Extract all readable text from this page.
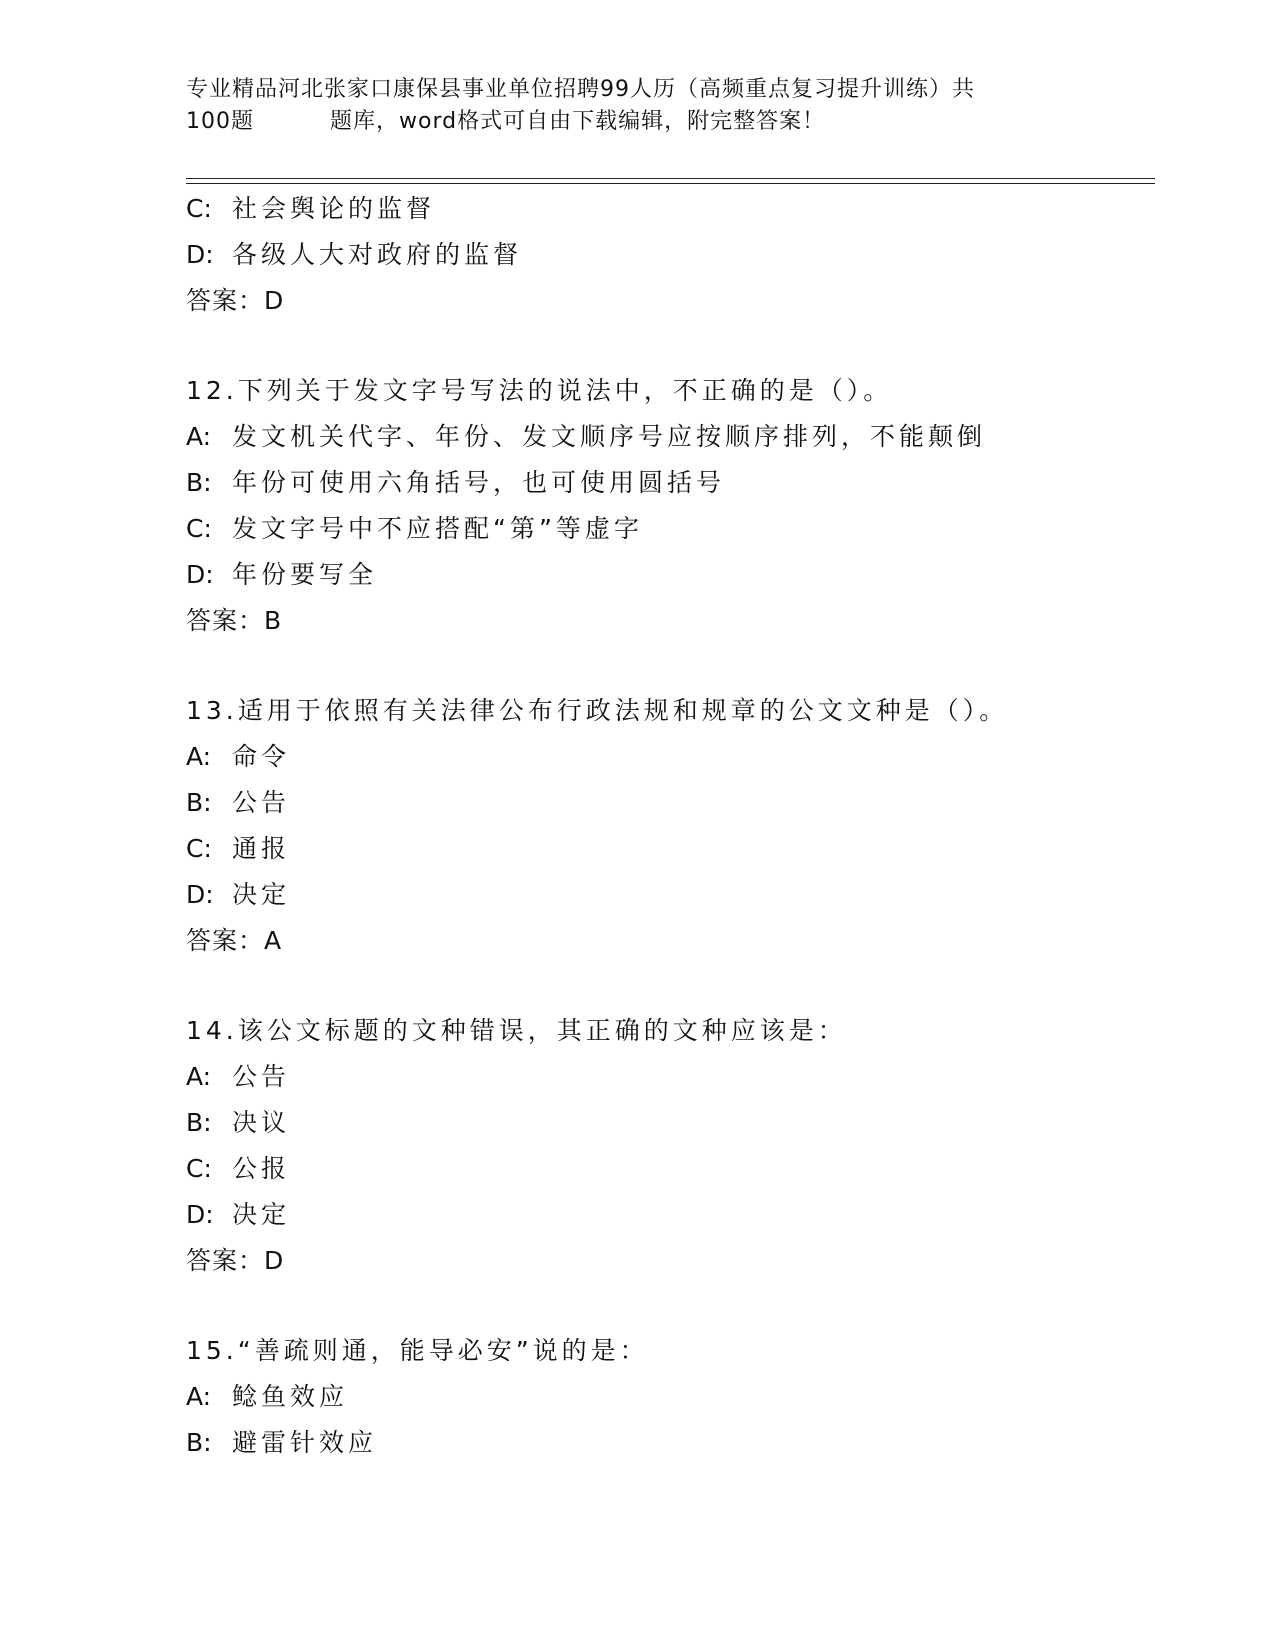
专业精品河北张家口康保县事业单位招聘99人历（高频重点复习提升训练）共
100题	题库，word格式可自由下载编辑，附完整答案！
C: 社会舆论的监督
D: 各级人大对政府的监督
答案：D
12.下列关于发文字号写法的说法中，不正确的是（）。
A: 发文机关代字、年份、发文顺序号应按顺序排列，不能颠倒
B: 年份可使用六角括号，也可使用圆括号
C: 发文字号中不应搭配“第”等虚字
D: 年份要写全
答案：B
13.适用于依照有关法律公布行政法规和规章的公文文种是（）。
A: 命令
B: 公告
C: 通报
D: 决定
答案：A
14.该公文标题的文种错误，其正确的文种应该是：
A: 公告
B: 决议
C: 公报
D: 决定
答案：D
15.“善疏则通，能导必安”说的是：
A: 鲶鱼效应
B: 避雷针效应
